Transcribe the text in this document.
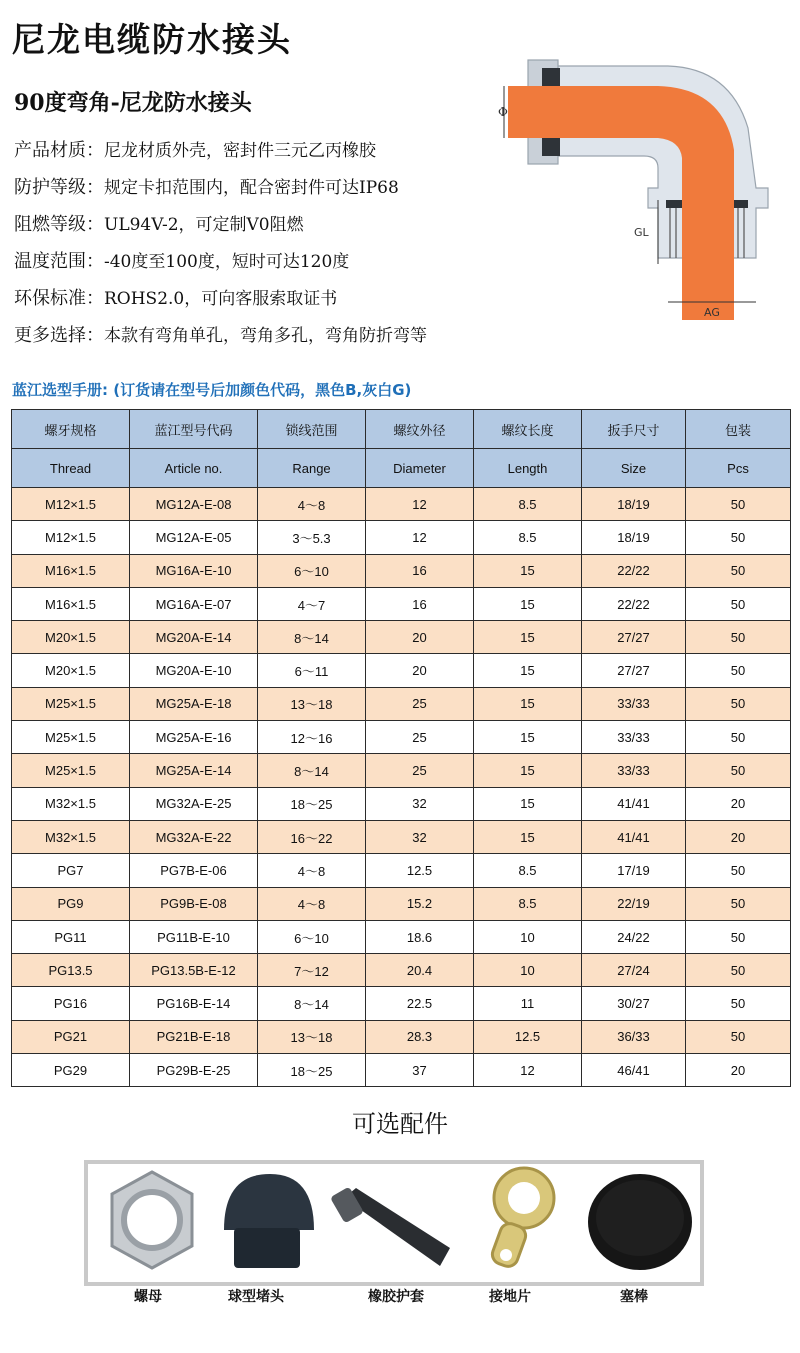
尼龙电缆防水接头
90度弯角-尼龙防水接头
产品材质：尼龙材质外壳，密封件三元乙丙橡胶
防护等级：规定卡扣范围内，配合密封件可达IP68
阻燃等级：UL94V-2，可定制V0阻燃
温度范围：-40度至100度，短时可达120度
环保标准：ROHS2.0，可向客服索取证书
更多选择：本款有弯角单孔，弯角多孔，弯角防折弯等
Φ
GL
AG
蓝江选型手册: (订货请在型号后加颜色代码，黑色B,灰白G)
螺牙规格	蓝江型号代码	锁线范围	螺纹外径	螺纹长度	扳手尺寸	包装
Thread	Article no.	Range	Diameter	Length	Size	Pcs
M12×1.5	MG12A-E-08	4～8	12	8.5	18/19	50
M12×1.5	MG12A-E-05	3～5.3	12	8.5	18/19	50
M16×1.5	MG16A-E-10	6～10	16	15	22/22	50
M16×1.5	MG16A-E-07	4～7	16	15	22/22	50
M20×1.5	MG20A-E-14	8～14	20	15	27/27	50
M20×1.5	MG20A-E-10	6～11	20	15	27/27	50
M25×1.5	MG25A-E-18	13～18	25	15	33/33	50
M25×1.5	MG25A-E-16	12～16	25	15	33/33	50
M25×1.5	MG25A-E-14	8～14	25	15	33/33	50
M32×1.5	MG32A-E-25	18～25	32	15	41/41	20
M32×1.5	MG32A-E-22	16～22	32	15	41/41	20
PG7	PG7B-E-06	4～8	12.5	8.5	17/19	50
PG9	PG9B-E-08	4～8	15.2	8.5	22/19	50
PG11	PG11B-E-10	6～10	18.6	10	24/22	50
PG13.5	PG13.5B-E-12	7～12	20.4	10	27/24	50
PG16	PG16B-E-14	8～14	22.5	11	30/27	50
PG21	PG21B-E-18	13～18	28.3	12.5	36/33	50
PG29	PG29B-E-25	18～25	37	12	46/41	20
可选配件
螺母	球型堵头	橡胶护套	接地片	塞棒
